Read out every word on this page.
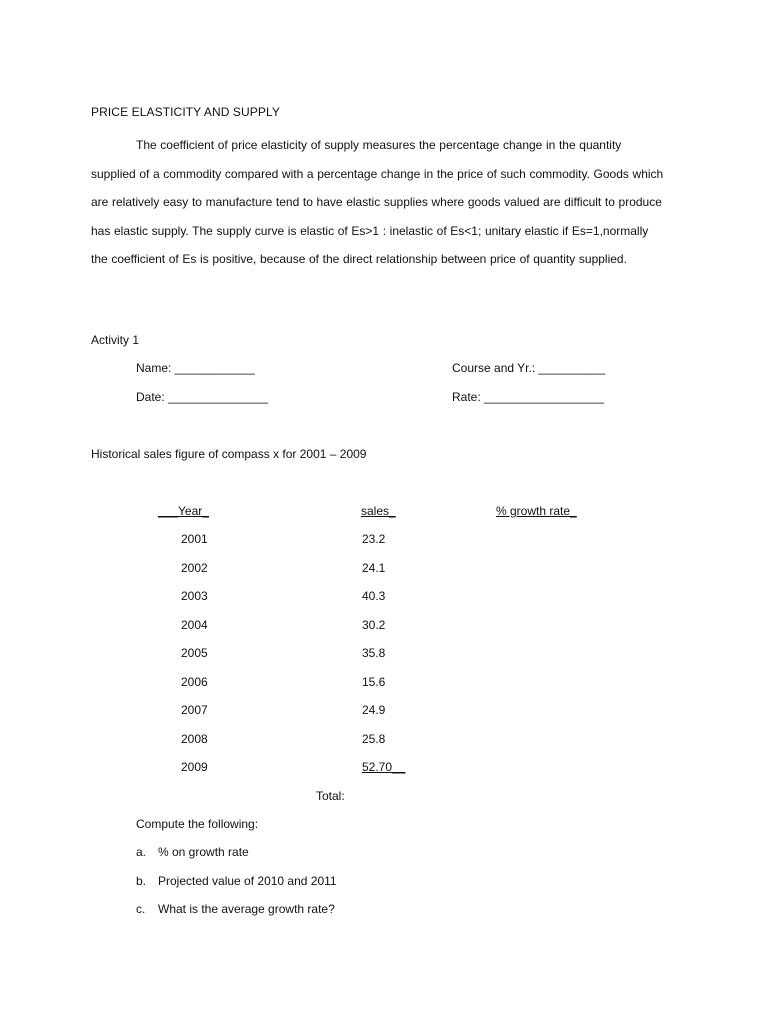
PRICE ELASTICITY AND SUPPLY
The coefficient of price elasticity of supply measures the percentage change in the quantity supplied of a commodity compared with a percentage change in the price of such commodity. Goods which are relatively easy to manufacture tend to have elastic supplies where goods valued are difficult to produce has elastic supply. The supply curve is elastic of Es>1 : inelastic of Es<1; unitary elastic if Es=1,normally the coefficient of Es is positive, because of the direct relationship between price of quantity supplied.
Activity 1
Name: ____________	Course and Yr.: __________
Date: _______________	Rate: __________________
Historical sales figure of compass x for 2001 – 2009
___Year_	sales_	% growth rate_
2001	23.2
2002	24.1
2003	40.3
2004	30.2
2005	35.8
2006	15.6
2007	24.9
2008	25.8
2009	52.70__
Total:
Compute the following:
a. % on growth rate
b. Projected value of 2010 and 2011
c. What is the average growth rate?
